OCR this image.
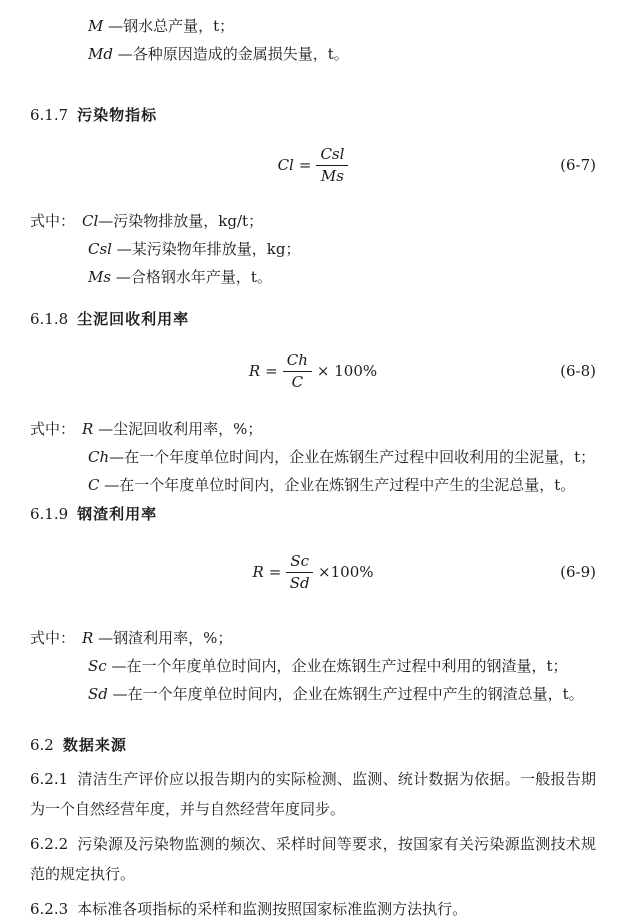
M —钢水总产量，t；
Md —各种原因造成的金属损失量，t。
6.1.7 污染物指标
$Cl = \frac{\text{Csl}}{Ms}$	(6-7)
式中： Cl—污染物排放量，kg/t；
Csl —某污染物年排放量，kg；
Ms —合格钢水年产量，t。
6.1.8 尘泥回收利用率
$R = \frac{Ch}{C} \times 100\%$	(6-8)
式中： R —尘泥回收利用率，%；
Ch—在一个年度单位时间内，企业在炼钢生产过程中回收利用的尘泥量，t；
C —在一个年度单位时间内，企业在炼钢生产过程中产生的尘泥总量，t。
6.1.9 钢渣利用率
$R = \frac{Sc}{Sd} \times 100\%$	(6-9)
式中： R —钢渣利用率，%；
Sc —在一个年度单位时间内，企业在炼钢生产过程中利用的钢渣量，t；
Sd —在一个年度单位时间内，企业在炼钢生产过程中产生的钢渣总量，t。
6.2 数据来源
6.2.1 清洁生产评价应以报告期内的实际检测、监测、统计数据为依据。一般报告期为一个自然经营年度，并与自然经营年度同步。
6.2.2 污染源及污染物监测的频次、采样时间等要求，按国家有关污染源监测技术规范的规定执行。
6.2.3 本标准各项指标的采样和监测按照国家标准监测方法执行。
